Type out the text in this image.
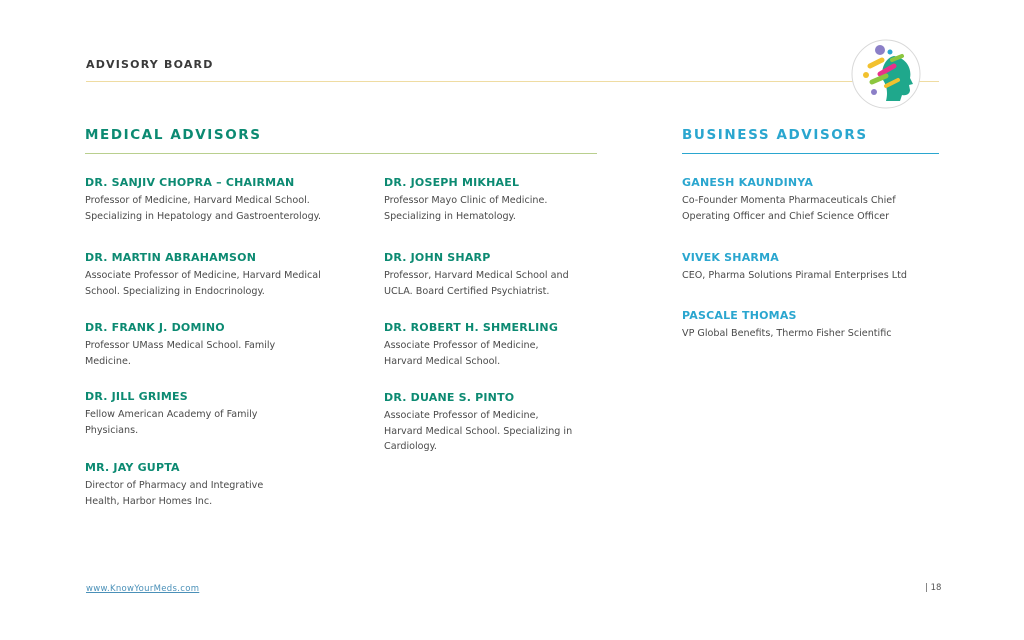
ADVISORY BOARD
MEDICAL ADVISORS	BUSINESS ADVISORS
DR. SANJIV CHOPRA – CHAIRMAN
Professor of Medicine, Harvard Medical School. Specializing in Hepatology and Gastroenterology.
DR. MARTIN ABRAHAMSON
Associate Professor of Medicine, Harvard Medical School. Specializing in Endocrinology.
DR. FRANK J. DOMINO
Professor UMass Medical School. Family Medicine.
DR. JILL GRIMES
Fellow American Academy of Family Physicians.
MR. JAY GUPTA
Director of Pharmacy and Integrative Health, Harbor Homes Inc.
DR. JOSEPH MIKHAEL
Professor Mayo Clinic of Medicine. Specializing in Hematology.
DR. JOHN SHARP
Professor, Harvard Medical School and UCLA. Board Certified Psychiatrist.
DR. ROBERT H. SHMERLING
Associate Professor of Medicine, Harvard Medical School.
DR. DUANE S. PINTO
Associate Professor of Medicine, Harvard Medical School. Specializing in Cardiology.
GANESH KAUNDINYA
Co-Founder Momenta Pharmaceuticals Chief Operating Officer and Chief Science Officer
VIVEK SHARMA
CEO, Pharma Solutions Piramal Enterprises Ltd
PASCALE THOMAS
VP Global Benefits, Thermo Fisher Scientific
www.KnowYourMeds.com	| 18
